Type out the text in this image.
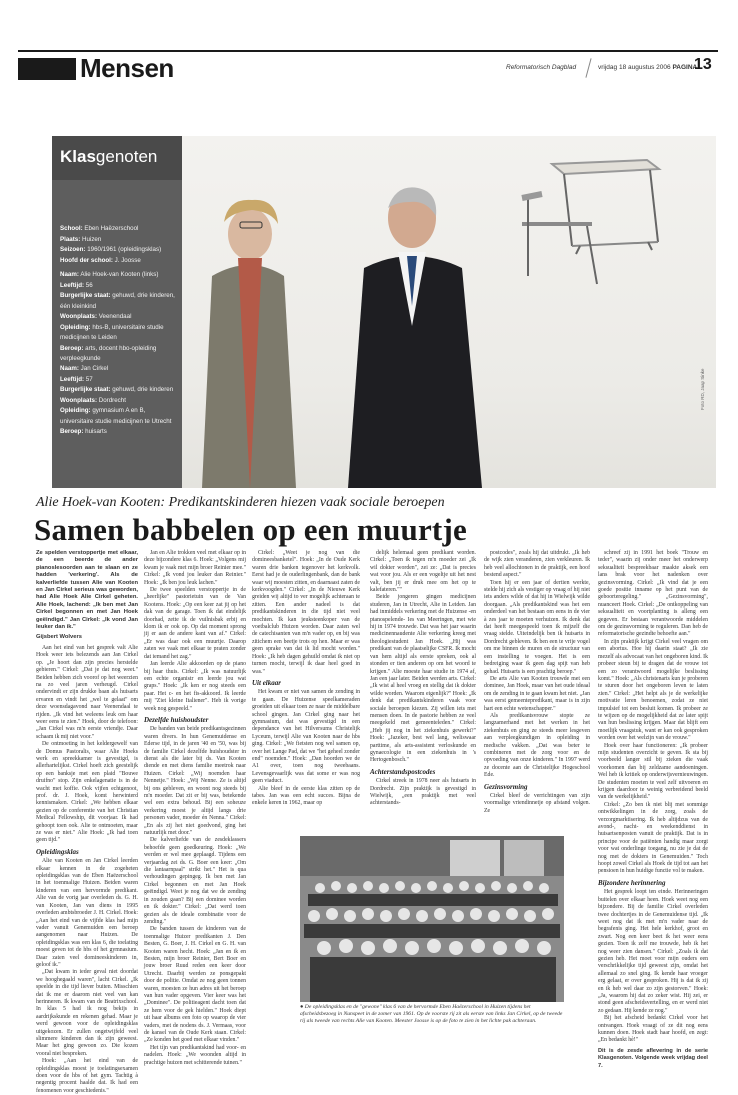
Mensen	Reformatorisch Dagblad	vrijdag 18 augustus 2006 PAGINA
13
Klasgenoten
School: Eben Haëzerschool
Plaats: Huizen
Seizoen: 1960/1961 (opleidingsklas)
Hoofd der school: J. Joosse
Naam: Alie Hoek-van Kooten (links)
Leeftijd: 56
Burgerlijke staat: gehuwd, drie kinderen, één kleinkind
Woonplaats: Veenendaal
Opleiding: hbs-B, universitaire studie medicijnen te Leiden
Beroep: arts, docent hbo-opleiding verpleegkunde
Naam: Jan Cirkel
Leeftijd: 57
Burgerlijke staat: gehuwd, drie kinderen
Woonplaats: Dordrecht
Opleiding: gymnasium A en B, universitaire studie medicijnen te Utrecht
Beroep: huisarts
Foto RD, Jaap Sinke
Alie Hoek-van Kooten: Predikantskinderen hiezen vaak sociale beroepen
Samen babbelen op een muurtje

Ze spelden verstoppertje met elkaar, de een beerde de ander pianoslesoorden aan te slaan en ze hadden 'verkering'. Als de kalverliefde tussen Alie van Kooten en Jan Cirkel serieus was geworden, had Alie Hoek Alie Cirkel geheten. Alie Hoek, lachend: „Ik ben met Jan Cirkel begonnen en met Jan Hoek geëindigd." Jan Cirkel: „Ik vond Jan leuker dan ik."

Gijsbert Wolvers

Aan het eind van het gesprek valt Alie Hoek weer iets belezends aan Jan Cirkel op. „Je hoort dan zijn precies herstelde gebieren." Cirkel: „Dat je dat nog weet." Beiden hebben zich voorof op het weerzien na zo veel jaren verheugd. Cirkel ondervindt er zijn drukke baan als huisarts ervaren en vindt het „wel te gelaat" om deze woensdagavond naar Veenendaal te rijden. „Ik vind het weleens leuk om haar weer eens te zien." Hoek, door de telefoon: „Jan Cirkel was m'n eerste vriendje. Daar schaam ik mij niet voor."

De ontmoeting in het keldergewelf van de Domus Pastoralis, waar Alie Hoeks werk en spreekkamer is gevestigd, is allerhartelijkst. Cirkel hoeft zich geestelijk op een banksje met een plaid "Bouwe druifno" stop. Zijn enkelagenatie is in de wacht met koffie. Ook vijfen echtgenoot, prof. dr. J. Hoek, komt herwinterd kennismaken. Cirkel: „We hebben elkaar gezien op de conferentie van het Christian Medical Fellowship, dit voorjaar. Ik had gehoopt toen ook. Alie te ontmoeten, maar ze was er niet." Alie Hoek: „Ik had toen geen tijd."

Opleidingsklas

Alie van Kooten en Jan Cirkel leerden elkaar kennen in de zogeheten opleidingsklas van de Eben Haëzerschool in het toenmalige Huizen. Beiden waren kinderen van een hervormde predikant. Alie van de vorig jaar overleden ds. G. H. van Kooten, Jan van diens in 1995 overleden ambtsbroeder J. H. Cirkel. Hoek: „Aan het eind van de vijfde klas had mijn vader vanuit Genemuiden een beroep aangenomen naar Huizen. De opleidingsklas was een klas 6, die toelating moest geven tot de hbs of het gymnasium. Daar zaten veel domineeskinderen in, geloof ik."

„Dat kwam in ieder geval niet doordat we hooghegaald waren", lacht Cirkel. „Ik speelde in die tijd liever buiten. Misschien dat ik me er daarom niet veel van kan herinneren. Ik kwam van de Beatrixschool. In klas 5 had ik nog bekijs in aardrijkskunde en rekenen gehad. Maar je werd gewoon voor de opleidingsklas uitgekozen. Er zullen ongetwijfeld veel slimmere kinderen dan ik zijn geweest. Maar het ging gewoon zo. Die kozen vooral niet bespreken.

Hoek: „Aan het eind van de opleidingsklas moest je toelatingsexamen doen voor de hbs of het gym. Tachtig à negentig procent haalde dat. Ik had een fenomenen voor geschiedenis."

Jan en Alie trokken veel met elkaar op in deze bijzondere klas 6. Hoek: „Volgens mij kwam je vaak met mijn broer Reinier mee." Cirkel: „Ik vond jou leuker dan Reinier." Hoek: „Ik ben jou leuk lachen."

De twee speelden verstoppertje in de „heerlijke" pastorietuin van de Van Kootens. Hoek: „Op een keer zat jij op het dak van de garage. Toen ik dat eindelijk doorhad, zette ik de vuilnisbak erbij en klom ik er ook op. Op dat moment sprong jij er aan de andere kant van af." Cirkel: „Er was daar ook een muurtje. Daarop zaten we vaak met elkaar te praten zonder dat iemand het zag."

Jan leerde Alie akkoorden op de piano bij haar thuis. Cirkel: „Ik was natuurlijk een echte organistr en leerde jou wat graps." Hoek: „Ik ken er nog steeds een paar. Het c- en het fis-akkoord. Ik leerde mij "Ziet kleine Italiener". Heb ik vorige week nog gespeeld."

Dezelfde huishoudster

De banden van beide predikantsgezinnen waren divers. In hun Genemuidense en Ederse tijd, in de jaren '40 en '50, was bij de familie Cirkel dezelfde huishoudster in dienst als die later bij ds. Van Kooten diende en met diens familie meetrok naar Huizen. Cirkel: „Wij noemden haar Nennetje." Hoek: „Wij Nenne. Ze is altijd bij ons gebleven, en woont nog steeds bij m'n moeder. Dat zit er bij was, betekende wel een extra behoud. Bij een soheuze verkering moest je altijd langs drie personen vader, moeder én Nenna." Cirkel: „En als zij het niet goedvond, ging het natuurlijk met door."

De kalverliefde van de zesdeklassers behoefde geen goedkeuring. Hoek: „We werden er wel mee geplaagd. Tijdens een verjaardag zei ds. G. Boer een keer: „Om die lantaarnpaal" strikt het." Het is qua verhoudingen gepingeg. Ik ben met Jan Cirkel begonnen en met Jan Hoek geëindigd. Weet je nog dat we de zending in zouden gaan? Bij een dominee worden en ik dokter." Cirkel: „Dat werd toen gezien als de ideale combinatie voor de zending."

De banden tussen de kinderen van de toenmalige Huizer predikanten J. Den Besten, G. Boer, J. H. Cirkel en G. H. van Kooten waren hecht. Hoek: „Jan en ik en Besten, mijn broer Reinier, Bert Boer en jouw broer Ruud reden een keer door Utrecht. Daarbij werden ze ponsgepakt door de politie. Omdat ze nog geen tonnen waren, moesten ze hun adres uit het beroep van hun vader opgeven. Vier keer was het „Dominee". De politieagent dacht toen dat ze hem voor de gek hielden." Hoek diept uit haar albums een foto op waarop de vier vaders, met de nodens ds. J. Vermaas, voor de kansel van de Oude Kerk staan. Cirkel: „Ze konden het goed met elkaar vinden."

Het tíjn van predikantskind had voor- en nadelen. Hoek: „We woonden altijd in prachtige huizen met schitterende tuinen."

Cirkel: „Weet je nog van die domineesbanketel". Hoek: „In de Oude Kerk waren drie banken tegenover het kerkvolk. Eerst had je de ouderlingenbank, dan de bank waar wij moesten zitten, en daarnaast zaten de kerkvoogden." Cirkel: „In de Nieuwe Kerk greiden wij altijd to ver mogelijk achteraan te zitten. Een ander nadeel is dat predikantskinderen in die tijd niet veel mochten. Ik kan jeuksteenkoper van de voetbalclub Huizen worden. Daar zaten wel de catechisanten van m'n vader op, en bij was zitichem een beetje trots op hen. Maar er was geen sprake van dat ik lid mocht worden." Hoek: „Ik heb dagen gehuild omdat ik niet op turnen mocht, terwijl ik daar heel goed in was."

Uit elkaar

Het kwam er niet van samen de zending in te gaan. De Huizense speelkameraden groeiden uit elkaar toen ze naar de middelbare school gingen. Jan Cirkel ging naar het gymnasium, dat was gevestigd in een dependance van het Hilversums Christelijk Lyceum, terwijl Alie van Kooten naar de hbs ging. Cirkel: „We fietsten nog wel samen op, over het Lange Pad, dat we "het geheel zonder end" noemden." Hoek: „Dan hoorden we de A1 over, toen nog tweebaans. Levensgevaarlijk was dat some er was nog geen viaduct.

Alie bleef in de eerste klas zitten op de tabes. Jan was een echt succes. Bijna de enkele keren in 1962, maar op

delijk helemaal geen predikant worden. Cirkel: „Toen ik tegen m'n moeder zei „Ik wil dokter worden", zei ze: „Dat is precies wat voor jou. Als er een vogeltje uit het nest valt, ben jij er druk mee om het op te kalefateren.""

Beide jongeren gingen medicijnen studeren, Jan in Utrecht, Alie in Leiden. Jan had inmiddels verkering met de Huizense -en ptanospelende- Ies van Meeringen, met wie hij in 1974 trouwde. Dat was het jaar waarin medicinennaudente Alie verkering kreeg met theologiestudent Jan Hoek. „Hij was predikant van de plaatselijke CSFR. Ik mocht van hem altijd als eerste spreken, ook al stonden er tien anderen op om het woord te krijgen." Alie moeste haar studie in 1974 af, Jan een jaar later. Beiden werden arts. Cirkel: „Ik wist al heel vroeg en stellig dat ik dokter wilde worden. Waarom eigenlijk?" Hoek: „Ik denk dat predikantskinderen vaak voor sociale beroepen kiezen. Zij willen iets met mensen doen. In de pastorie hebben ze veel meegekeld met gemeenteleden." Cirkel: „Heb jij nog in het ziekenhuis gewerkt?" Hoek: „Jazeker, best wel lang, weliswaar parttime, als arts-assistent verloskunde en gynaecologie in een ziekenhuis in 's Hertogenbosch."

Achterstandspostcodes

Cirkel streek in 1978 neer als huisarts in Dordrecht. Zijn praktijk is gevestigd in Wielwijk, „een praktijk met veel achterstands-

postcodes", zoals hij dat uitdrukt. „Ik heb de wijk zien veranderen, zien verkleuren. Ik heb veel allochtonen in de praktijk, een hoof bestend aspect."

Toen hij er een jaar of dertien werkte, stelde hij zich als vestiger op vraag of hij niet iets anders wilde of dat hij in Wielwijk wilde doorgaan. „Als predikantskind was het een onderdeel van het bestaan om eens in de vier à zes jaar te moeten verhuizen. Ik denk dat dat heeft meegespeeld toen ik mijzelf die vraag stelde. Uiteindelijk ben ik huisarts in Dordrecht gebleven. Ik ben een te vrije vogel om me binnen de muren en de structuur van een instelling te voegen. Het is een bedreiging waar ik geen dag spijt van heb gehad. Huisarts is een prachtig beroep."

De arts Alie van Kooten trouwde met een dominee, Jan Hoek, maar van het oude ideaal om de zending in te gaan kwam het niet. „Jan was eerst gemeentepredikant, maar is in zijn hart een echte wetenschapper."

Als predikantsvrouw stopte ze langzamerhand met het werken in het ziekenhuis en ging ze steeds meer lesgeven aan verpleegkundigen in opleiding in medische vakken. „Dat was beter te combineren met de zorg voor en de opvoeding van onze kinderen." In 1997 werd ze docente aan de Christelijke Hogeschool Ede.

Gezinsvorming

Cirkel bleef de verrichtingen van zijn voormalige vriendinnetje op afstand volgen. Ze

schreef zij in 1991 het boek "Trouw en teder", waarin zij onder meer het onderwerp seksualiteit bespreekbaar maakte aksek een lans brak voor het nadenken over gezinsvorming. Cirkel: „Ik vind dat je een goede positie inname op het punt van de geboorteregeling." „Gezinsvorming", nuanceert Hoek. Cirkel: „De ontkoppeling van seksualiteit en voortplanting is alleng een gegeven. Er bestaan verantwoorde middelen om de gezinsvorming te reguleren. Dan heb de reformatorische gezindte behoefte aan."

In zijn praktijk krijgt Cirkel veel vragen om een abortus. Hoe hij daarin staat? „Ik zie mezelf als advocaat van het ongeboren kind. Ik probeer steun bij te dragen dat de vrouw tot een zo verantwoord mogelijke beslissing komt." Hoek: „Als christenarts kun je proberen te sturen door het ongeboren leven te laten zien." Cirkel: „Het helpt als je de werkelijke motivatie leren benoemen, zodat ze niet impulsief tot een besluit komen. Ik probeer ze te wijzen op de mogelijkheid dat ze later spijt van hun beslissing krijgen. Maar dat blijft een moeilijk vraagstuk, want er kan ook gesproken worden over het welzijn van de vrouw."

Hoek over haar functioneren: „Ik probeer mijn studenten overzicht te geven. Ik sta bij voorbeeld langer stil bij zieken die vaak voorkomen dan bij zeldzame aandoeningen. Wel heb ik kritiek op onderwijsvernieuwingen. De studenten moeten te veel zelf uitvoeren en krijgen daardoor te weinig verbreidend beeld van de werkelijkheid."

Cirkel: „Zo ben ik niet blij met sommige ontwikkelingen in de zorg, zoals de verzorgmarktisering. Ik heb altijdzus van de avond-, nacht- en weekenddienst in huisartsenposten vanuit de praktijk. Dat is in principe voor de patiënten handig maar zorgt voor wat onderlinge toegang, nu zie je dat de nog met de dokters in Genemuiden." Toch hoopt zowel Cirkel als Hoek de tijd tot aan het pensioen in hun huidige functie vol te maken.

Bijzondere herinnering

Het gesprek loopt ten einde. Herinneringen buitelen over elkaar heen. Hoek weet nog een bijzondere. Bij de familie Cirkel overleden twee dochtertjes in de Genemuidense tijd. „Ik weet nog dat ik met m'n vader naar de begrafenis ging. Het hele kerkhof, groot en zwart. Nog een keer beet ik het weer eens gezien. Toen ik zelf me trouwde, heb ik het nog weer zien dansen." Cirkel: „Zoals ik dat gezien heb. Het moet voor mijn ouders een verschrikkelijke tijd geweest zijn, omdat het allemaal zo snel ging. Ik kende haar vroeger erg gelaat, er over gesproken. Hij is dat ik zij en ik heb wel daar zo zijn gestorven." Hoek: „Ja, waarom hij dat zo zeker wist. Hij zei, er stond geen afscheidsvertelling, en er werd niet zo gedaan. Hij kende ze nog."

Bij het afscheid bedankt Cirkel voor het ontvangen. Hoek vraagt of ze dit nog eens kunnen doen. Hoek stadt haar hoofd, en zegt: „En bedankt hè!"

Dit is de zesde aflevering in de serie Klasgenoten. Volgende week vrijdag deel 7.

● De opleidingsklas en de "gewone" klas 6 van de hervormde Eben Haëzerschool in Huizen tijdens het afscheidsbezoeg in Nunspeet in de zomer van 1961. Op de voorste rij zit als eerste van links Jan Cirkel, op de tweede rij als tweede van rechts Alie van Kooten. Meester Joosse is op de foto te zien in het lichte pak achteraan.
